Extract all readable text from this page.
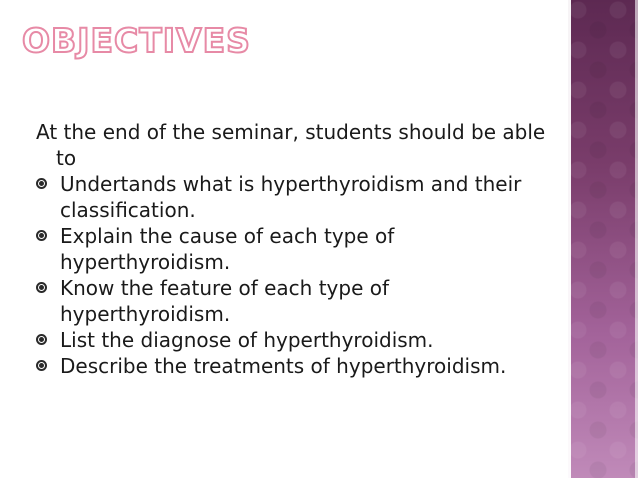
OBJECTIVES

At the end of the seminar, students should be able to

Undertands what is hyperthyroidism and their classification.
Explain the cause of each type of hyperthyroidism.
Know the feature of each type of hyperthyroidism.
List the diagnose of hyperthyroidism.
Describe the treatments of hyperthyroidism.
